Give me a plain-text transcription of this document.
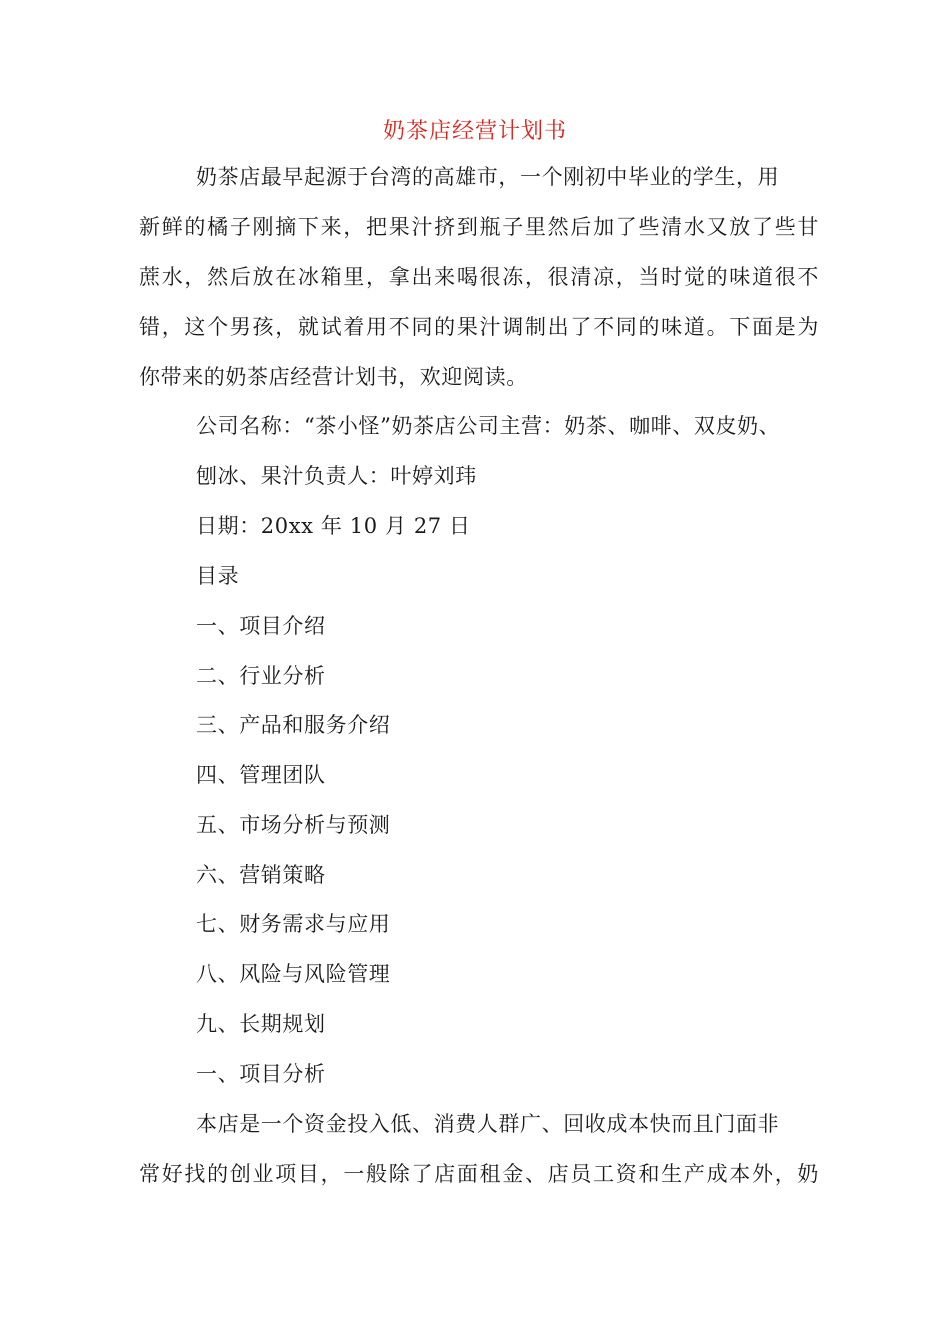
奶茶店经营计划书
奶茶店最早起源于台湾的高雄市，一个刚初中毕业的学生，用
新鲜的橘子刚摘下来，把果汁挤到瓶子里然后加了些清水又放了些甘
蔗水，然后放在冰箱里，拿出来喝很冻，很清凉，当时觉的味道很不
错，这个男孩，就试着用不同的果汁调制出了不同的味道。下面是为
你带来的奶茶店经营计划书，欢迎阅读。
公司名称：“茶小怪”奶茶店公司主营：奶茶、咖啡、双皮奶、
刨冰、果汁负责人：叶婷刘玮
日期：20xx 年 10 月 27 日
目录
一、项目介绍
二、行业分析
三、产品和服务介绍
四、管理团队
五、市场分析与预测
六、营销策略
七、财务需求与应用
八、风险与风险管理
九、长期规划
一、项目分析
本店是一个资金投入低、消费人群广、回收成本快而且门面非
常好找的创业项目，一般除了店面租金、店员工资和生产成本外，奶
